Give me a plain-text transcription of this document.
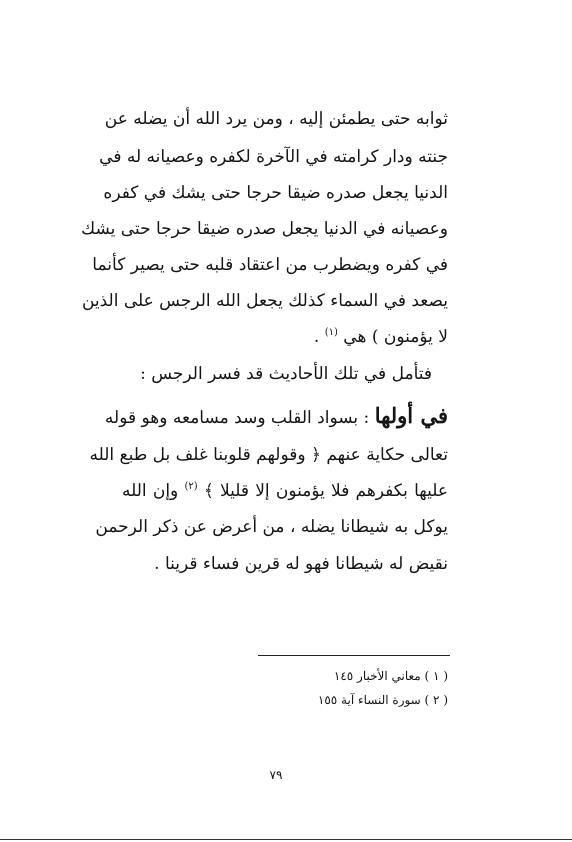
ثوابه حتى يطمئن إليه ، ومن يرد الله أن يضله عن

جنته ودار كرامته في الآخرة لكفره وعصيانه له في

الدنيا يجعل صدره ضيقا حرجا حتى يشك في كفره

وعصيانه في الدنيا يجعل صدره ضيقا حرجا حتى يشك

في كفره ويضطرب من اعتقاد قلبه حتى يصير كأنما

يصعد في السماء كذلك يجعل الله الرجس على الذين

لا يؤمنون ) هي $^{(١)}$ .

فتأمل في تلك الأحاديث قد فسر الرجس :

في أولها : بسواد القلب وسد مسامعه وهو قوله

تعالى حكاية عنهم ﴿ وقولهم قلوبنا غلف بل طبع الله

عليها بكفرهم فلا يؤمنون إلا قليلا ﴾ $^{(٢)}$ وإن الله

يوكل به شيطانا يضله ، من أعرض عن ذكر الرحمن

نقيض له شيطانا فهو له قرين فساء قرينا .

( ١ ) معاني الأخبار ١٤٥
( ٢ ) سورة النساء آية ١٥٥
٧٩
